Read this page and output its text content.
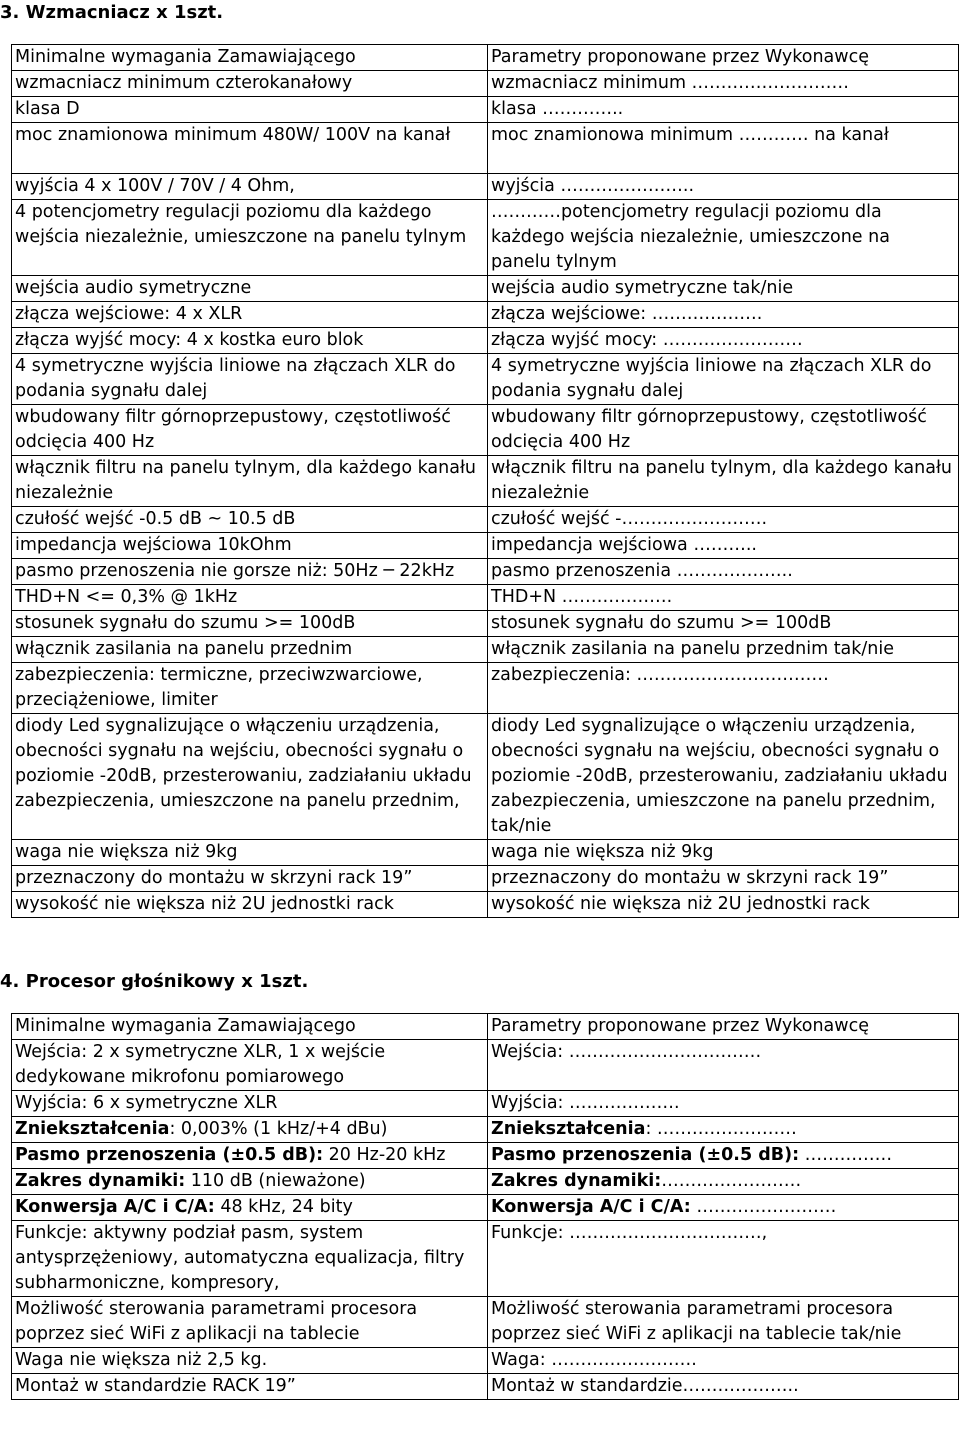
3. Wzmacniacz x 1szt.
Minimalne wymagania Zamawiającego	Parametry proponowane przez Wykonawcę
wzmacniacz minimum czterokanałowy	wzmacniacz minimum ………………………
klasa D	klasa …………..
moc znamionowa minimum 480W/ 100V na kanał	moc znamionowa minimum ………… na kanał
wyjścia 4 x 100V / 70V / 4 Ohm,	wyjścia …………………..
4 potencjometry regulacji poziomu dla każdego wejścia niezależnie, umieszczone na panelu tylnym	…………potencjometry regulacji poziomu dla każdego wejścia niezależnie, umieszczone na panelu tylnym
wejścia audio symetryczne	wejścia audio symetryczne tak/nie
złącza wejściowe: 4 x XLR	złącza wejściowe: ……………….
złącza wyjść mocy: 4 x kostka euro blok	złącza wyjść mocy: ……………………
4 symetryczne wyjścia liniowe na złączach XLR do podania sygnału dalej	4 symetryczne wyjścia liniowe na złączach XLR do podania sygnału dalej
wbudowany filtr górnoprzepustowy, częstotliwość odcięcia 400 Hz	wbudowany filtr górnoprzepustowy, częstotliwość odcięcia 400 Hz
włącznik filtru na panelu tylnym, dla każdego kanału niezależnie	włącznik filtru na panelu tylnym, dla każdego kanału niezależnie
czułość wejść -0.5 dB ~ 10.5 dB	czułość wejść -…………………….
impedancja wejściowa 10kOhm	impedancja wejściowa ………..
pasmo przenoszenia nie gorsze niż: 50Hz ─ 22kHz	pasmo przenoszenia ………………..
THD+N <= 0,3% @ 1kHz	THD+N ……………….
stosunek sygnału do szumu >= 100dB	stosunek sygnału do szumu >= 100dB
włącznik zasilania na panelu przednim	włącznik zasilania na panelu przednim tak/nie
zabezpieczenia: termiczne, przeciwzwarciowe, przeciążeniowe, limiter	zabezpieczenia: ……………………………
diody Led sygnalizujące o włączeniu urządzenia, obecności sygnału na wejściu, obecności sygnału o poziomie -20dB, przesterowaniu, zadziałaniu układu zabezpieczenia, umieszczone na panelu przednim,	diody Led sygnalizujące o włączeniu urządzenia, obecności sygnału na wejściu, obecności sygnału o poziomie -20dB, przesterowaniu, zadziałaniu układu zabezpieczenia, umieszczone na panelu przednim, tak/nie
waga nie większa niż 9kg	waga nie większa niż 9kg
przeznaczony do montażu w skrzyni rack 19”	przeznaczony do montażu w skrzyni rack 19”
wysokość nie większa niż 2U jednostki rack	wysokość nie większa niż 2U jednostki rack
4. Procesor głośnikowy x 1szt.
Minimalne wymagania Zamawiającego	Parametry proponowane przez Wykonawcę
Wejścia: 2 x symetryczne XLR, 1 x wejście dedykowane mikrofonu pomiarowego	Wejścia: ……………………………
Wyjścia: 6 x symetryczne XLR	Wyjścia: ……………….
Zniekształcenia: 0,003% (1 kHz/+4 dBu)	Zniekształcenia: ……………………
Pasmo przenoszenia (±0.5 dB): 20 Hz-20 kHz	Pasmo przenoszenia (±0.5 dB): ……………
Zakres dynamiki: 110 dB (nieważone)	Zakres dynamiki:……………………
Konwersja A/C i C/A: 48 kHz, 24 bity	Konwersja A/C i C/A: ……………………
Funkcje: aktywny podział pasm, system antysprzężeniowy, automatyczna equalizacja, filtry subharmoniczne, kompresory,	Funkcje: ……………………………,
Możliwość sterowania parametrami procesora poprzez sieć WiFi z aplikacji na tablecie	Możliwość sterowania parametrami procesora poprzez sieć WiFi z aplikacji na tablecie tak/nie
Waga nie większa niż 2,5 kg.	Waga: …………………….
Montaż w standardzie RACK 19”	Montaż w standardzie………………..
